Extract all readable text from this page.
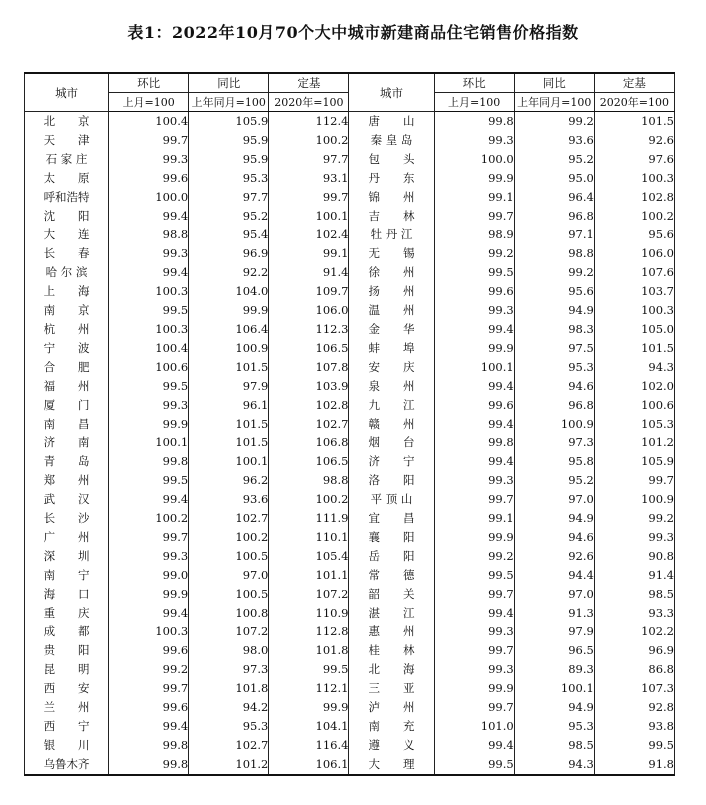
表1：2022年10月70个大中城市新建商品住宅销售价格指数
城市	环比	同比	定基	城市	环比	同比	定基
	上月=100	上年同月=100	2020年=100		上月=100	上年同月=100	2020年=100
北　　京	100.4	105.9	112.4	唐　　山	99.8	99.2	101.5
天　　津	99.7	95.9	100.2	秦 皇 岛	99.3	93.6	92.6
石 家 庄	99.3	95.9	97.7	包　　头	100.0	95.2	97.6
太　　原	99.6	95.3	93.1	丹　　东	99.9	95.0	100.3
呼和浩特	100.0	97.7	99.7	锦　　州	99.1	96.4	102.8
沈　　阳	99.4	95.2	100.1	吉　　林	99.7	96.8	100.2
大　　连	98.8	95.4	102.4	牡 丹 江	98.9	97.1	95.6
长　　春	99.3	96.9	99.1	无　　锡	99.2	98.8	106.0
哈 尔 滨	99.4	92.2	91.4	徐　　州	99.5	99.2	107.6
上　　海	100.3	104.0	109.7	扬　　州	99.6	95.6	103.7
南　　京	99.5	99.9	106.0	温　　州	99.3	94.9	100.3
杭　　州	100.3	106.4	112.3	金　　华	99.4	98.3	105.0
宁　　波	100.4	100.9	106.5	蚌　　埠	99.9	97.5	101.5
合　　肥	100.6	101.5	107.8	安　　庆	100.1	95.3	94.3
福　　州	99.5	97.9	103.9	泉　　州	99.4	94.6	102.0
厦　　门	99.3	96.1	102.8	九　　江	99.6	96.8	100.6
南　　昌	99.9	101.5	102.7	赣　　州	99.4	100.9	105.3
济　　南	100.1	101.5	106.8	烟　　台	99.8	97.3	101.2
青　　岛	99.8	100.1	106.5	济　　宁	99.4	95.8	105.9
郑　　州	99.5	96.2	98.8	洛　　阳	99.3	95.2	99.7
武　　汉	99.4	93.6	100.2	平 顶 山	99.7	97.0	100.9
长　　沙	100.2	102.7	111.9	宜　　昌	99.1	94.9	99.2
广　　州	99.7	100.2	110.1	襄　　阳	99.9	94.6	99.3
深　　圳	99.3	100.5	105.4	岳　　阳	99.2	92.6	90.8
南　　宁	99.0	97.0	101.1	常　　德	99.5	94.4	91.4
海　　口	99.9	100.5	107.2	韶　　关	99.7	97.0	98.5
重　　庆	99.4	100.8	110.9	湛　　江	99.4	91.3	93.3
成　　都	100.3	107.2	112.8	惠　　州	99.3	97.9	102.2
贵　　阳	99.6	98.0	101.8	桂　　林	99.7	96.5	96.9
昆　　明	99.2	97.3	99.5	北　　海	99.3	89.3	86.8
西　　安	99.7	101.8	112.1	三　　亚	99.9	100.1	107.3
兰　　州	99.6	94.2	99.9	泸　　州	99.7	94.9	92.8
西　　宁	99.4	95.3	104.1	南　　充	101.0	95.3	93.8
银　　川	99.8	102.7	116.4	遵　　义	99.4	98.5	99.5
乌鲁木齐	99.8	101.2	106.1	大　　理	99.5	94.3	91.8
